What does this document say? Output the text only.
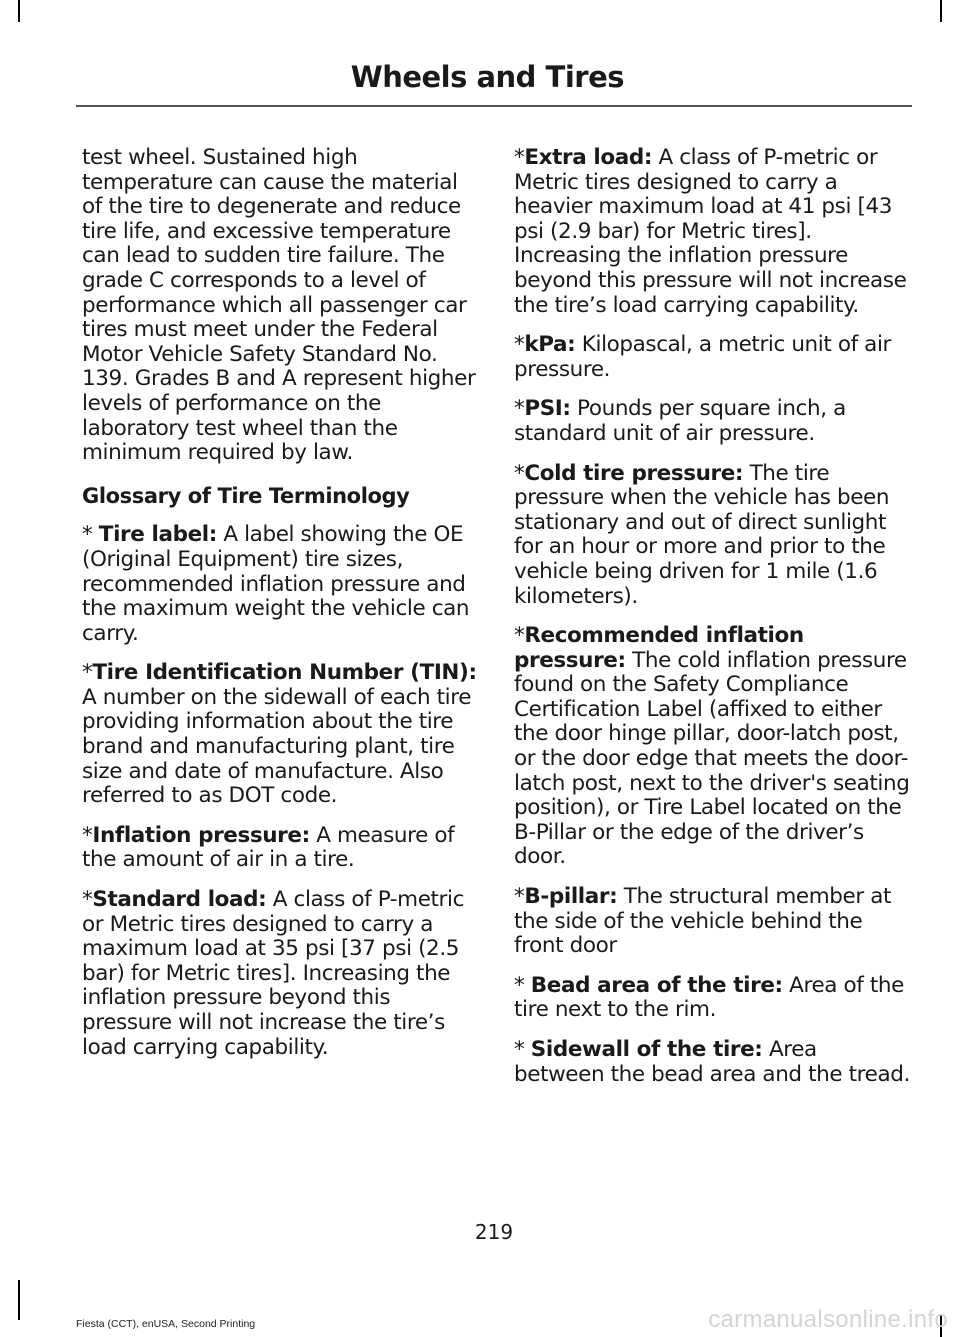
Wheels and Tires

test wheel. Sustained high temperature can cause the material of the tire to degenerate and reduce tire life, and excessive temperature can lead to sudden tire failure. The grade C corresponds to a level of performance which all passenger car tires must meet under the Federal Motor Vehicle Safety Standard No. 139. Grades B and A represent higher levels of performance on the laboratory test wheel than the minimum required by law.

Glossary of Tire Terminology

* Tire label: A label showing the OE (Original Equipment) tire sizes, recommended inflation pressure and the maximum weight the vehicle can carry.

*Tire Identification Number (TIN): A number on the sidewall of each tire providing information about the tire brand and manufacturing plant, tire size and date of manufacture. Also referred to as DOT code.

*Inflation pressure: A measure of the amount of air in a tire.

*Standard load: A class of P-metric or Metric tires designed to carry a maximum load at 35 psi [37 psi (2.5 bar) for Metric tires]. Increasing the inflation pressure beyond this pressure will not increase the tire’s load carrying capability.

*Extra load: A class of P-metric or Metric tires designed to carry a heavier maximum load at 41 psi [43 psi (2.9 bar) for Metric tires]. Increasing the inflation pressure beyond this pressure will not increase the tire’s load carrying capability.

*kPa: Kilopascal, a metric unit of air pressure.

*PSI: Pounds per square inch, a standard unit of air pressure.

*Cold tire pressure: The tire pressure when the vehicle has been stationary and out of direct sunlight for an hour or more and prior to the vehicle being driven for 1 mile (1.6 kilometers).

*Recommended inflation pressure: The cold inflation pressure found on the Safety Compliance Certification Label (affixed to either the door hinge pillar, door-latch post, or the door edge that meets the door-latch post, next to the driver's seating position), or Tire Label located on the B-Pillar or the edge of the driver’s door.

*B-pillar: The structural member at the side of the vehicle behind the front door

* Bead area of the tire: Area of the tire next to the rim.

* Sidewall of the tire: Area between the bead area and the tread.

219
Fiesta (CCT), enUSA, Second Printing	carmanualsonline.info
